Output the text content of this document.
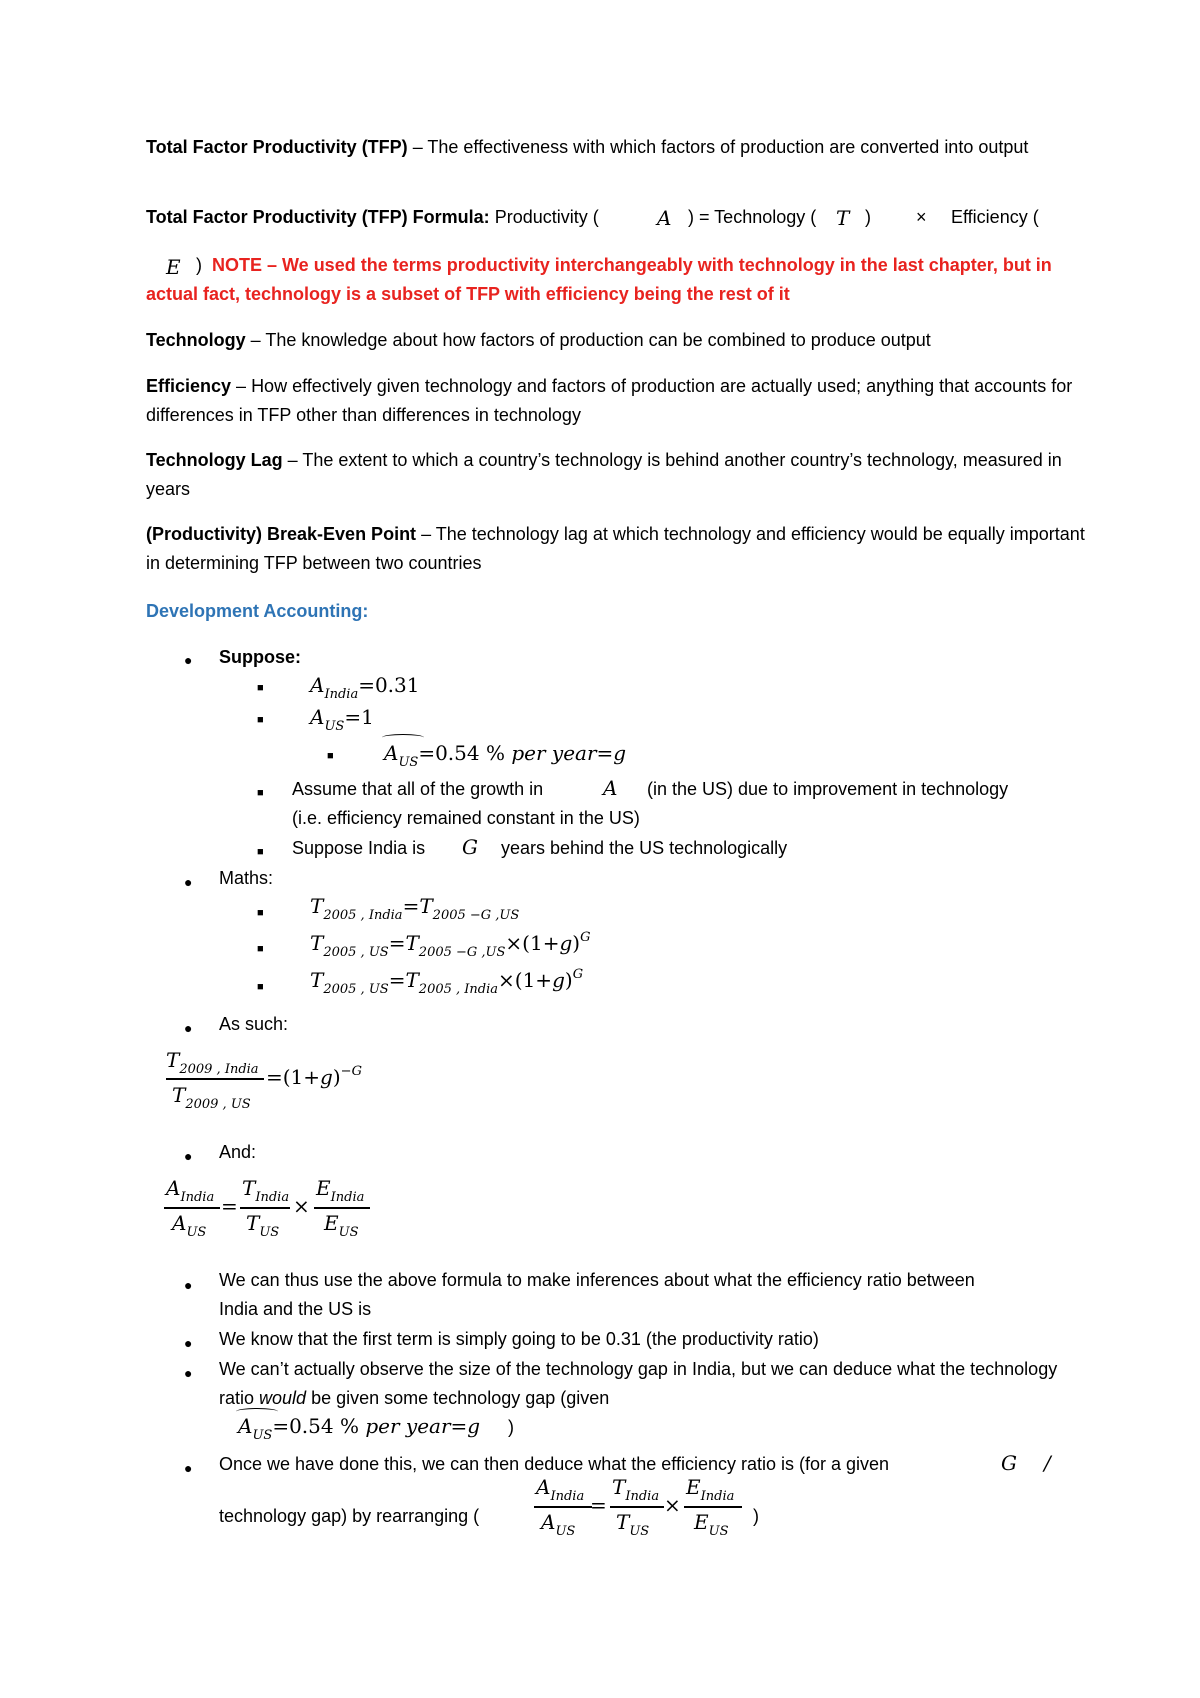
Total Factor Productivity (TFP) – The effectiveness with which factors of production are converted into output
Total Factor Productivity (TFP) Formula: Productivity (	A ) = Technology ( T )	× Efficiency (
E ) NOTE – We used the terms productivity interchangeably with technology in the last chapter, but in actual fact, technology is a subset of TFP with efficiency being the rest of it
Technology – The knowledge about how factors of production can be combined to produce output
Efficiency – How effectively given technology and factors of production are actually used; anything that accounts for differences in TFP other than differences in technology
Technology Lag – The extent to which a country’s technology is behind another country’s technology, measured in years
(Productivity) Break-Even Point – The technology lag at which technology and efficiency would be equally important in determining TFP between two countries
Development Accounting:
● Suppose:
■ $A_{India}=0.31$
■ $A_{US}=1$
■	$A_{US}=0.54$ % per year=g
■ Assume that all of the growth in	A (in the US) due to improvement in technology
(i.e. efficiency remained constant in the US)
■ Suppose India is G years behind the US technologically
● Maths:
■ $T_{2005 , India}=T_{2005 -G ,US}$
■ $T_{2005 , US}=T_{2005 -G ,US}\times(1+g)^G$
■ $T_{2005 , US}=T_{2005 , India}\times(1+g)^G$
● As such:
$T_{2009 , India}$
$T_{2009 , US}$
$=(1+g)^{-G}$
● And:
$A_{India}$
$A_{US}$
=
$T_{India}$
$T_{US}$
×
$E_{India}$
$E_{US}$
● We can thus use the above formula to make inferences about what the efficiency ratio between India and the US is
● We know that the first term is simply going to be 0.31 (the productivity ratio)
● We can’t actually observe the size of the technology gap in India, but we can deduce what the technology ratio would be given some technology gap (given
$A_{US}=0.54$ % per year=g )
● Once we have done this, we can then deduce what the efficiency ratio is (for a given	G /
technology gap) by rearranging (
$A_{India}$
$A_{US}$
=
$T_{India}$
$T_{US}$
×
$E_{India}$
$E_{US}$
)
